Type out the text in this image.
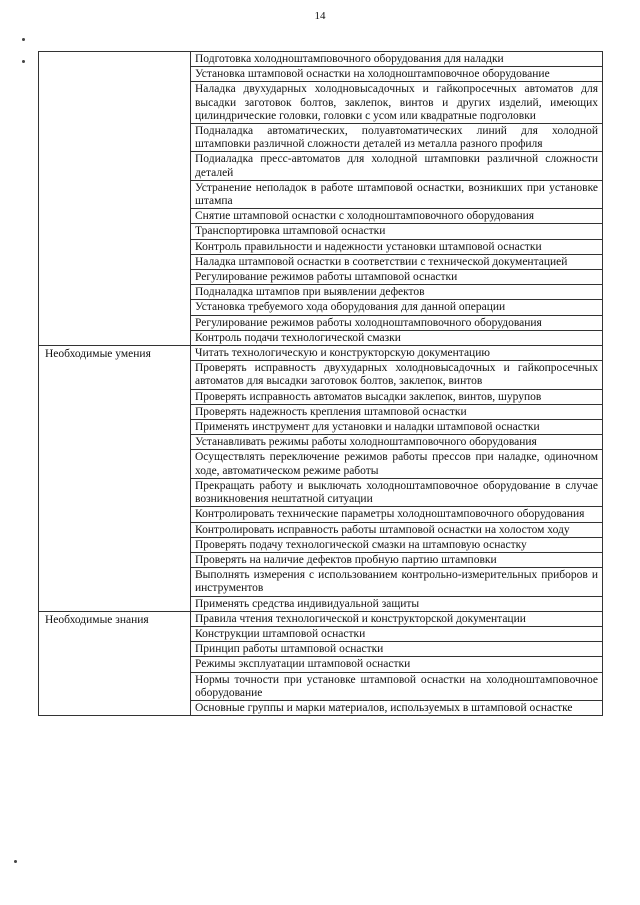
14
Подготовка холодноштамповочного оборудования для наладки
Установка штамповой оснастки на холодноштамповочное оборудование
Наладка двухударных холодновысадочных и гайкопросечных автоматов для высадки заготовок болтов, заклепок, винтов и других изделий, имеющих цилиндрические головки, головки с усом или квадратные подголовки
Подналадка автоматических, полуавтоматических линий для холодной штамповки различной сложности деталей из металла разного профиля
Подиаладка пресс-автоматов для холодной штамповки различной сложности деталей
Устранение неполадок в работе штамповой оснастки, возникших при установке штампа
Снятие штамповой оснастки с холодноштамповочного оборудования
Транспортировка штамповой оснастки
Контроль правильности и надежности установки штамповой оснастки
Наладка штамповой оснастки в соответствии с технической документацией
Регулирование режимов работы штамповой оснастки
Подналадка штампов при выявлении дефектов
Установка требуемого хода оборудования для данной операции
Регулирование режимов работы холодноштамповочного оборудования
Контроль подачи технологической смазки
Необходимые умения	Читать технологическую и конструкторскую документацию
Проверять исправность двухударных холодновысадочных и гайкопросечных автоматов для высадки заготовок болтов, заклепок, винтов
Проверять исправность автоматов высадки заклепок, винтов, шурупов
Проверять надежность крепления штамповой оснастки
Применять инструмент для установки и наладки штамповой оснастки
Устанавливать режимы работы холодноштамповочного оборудования
Осуществлять переключение режимов работы прессов при наладке, одиночном ходе, автоматическом режиме работы
Прекращать работу и выключать холодноштамповочное оборудование в случае возникновения нештатной ситуации
Контролировать технические параметры холодноштамповочного оборудования
Контролировать исправность работы штамповой оснастки на холостом ходу
Проверять подачу технологической смазки на штамповую оснастку
Проверять на наличие дефектов пробную партию штамповки
Выполнять измерения с использованием контрольно-измерительных приборов и инструментов
Применять средства индивидуальной защиты
Необходимые знания	Правила чтения технологической и конструкторской документации
Конструкции штамповой оснастки
Принцип работы штамповой оснастки
Режимы эксплуатации штамповой оснастки
Нормы точности при установке штамповой оснастки на холодноштамповочное оборудование
Основные группы и марки материалов, используемых в штамповой оснастке
